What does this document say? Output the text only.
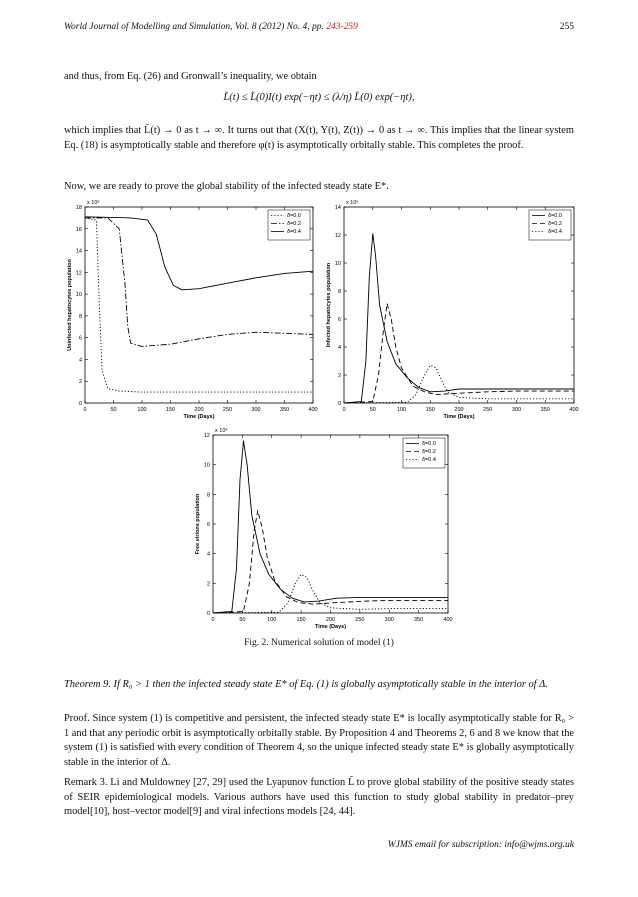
World Journal of Modelling and Simulation, Vol. 8 (2012) No. 4, pp. 243-259	255
and thus, from Eq. (26) and Gronwall’s inequality, we obtain
L̃(t) ≤ L̃(0)I(t) exp(−ηt) ≤ (λ/η) L̃(0) exp(−ηt),
which implies that L̃(t) → 0 as t → ∞. It turns out that (X(t), Y(t), Z(t)) → 0 as t → ∞. This implies that the linear system Eq. (18) is asymptotically stable and therefore φ(t) is asymptotically orbitally stable. This completes the proof.
Now, we are ready to prove the global stability of the infected steady state E*.
0	50	100	150	200	250	300	350	400
0
2
4
6
8
10
12
14
16
18
x 10⁶
Time (Days)
Uninfected hepatocytes population
δ=0.0
δ=0.2
δ=0.4
0	50	100	150	200	250	300	350	400
0
2
4
6
8
10
12
14
x 10⁵
Time (Days)
Infected hepatocytes population
δ=0.0
δ=0.2
δ=0.4
0	50	100	150	200	250	300	350	400
0
2
4
6
8
10
12
x 10⁶
Time (Days)
Free virions population
δ=0.0
δ=0.2
δ=0.4
Fig. 2. Numerical solution of model (1)
Theorem 9. If R₀ > 1 then the infected steady state E* of Eq. (1) is globally asymptotically stable in the interior of Δ.
Proof. Since system (1) is competitive and persistent, the infected steady state E* is locally asymptotically stable for R₀ > 1 and that any periodic orbit is asymptotically orbitally stable. By Proposition 4 and Theorems 2, 6 and 8 we know that the system (1) is satisfied with every condition of Theorem 4, so the unique infected steady state E* is globally asymptotically stable in the interior of Δ.
Remark 3. Li and Muldowney [27, 29] used the Lyapunov function L̃ to prove global stability of the positive steady states of SEIR epidemiological models. Various authors have used this function to study global stability in predator–prey model[10], host–vector model[9] and viral infections models [24, 44].
WJMS email for subscription: info@wjms.org.uk
